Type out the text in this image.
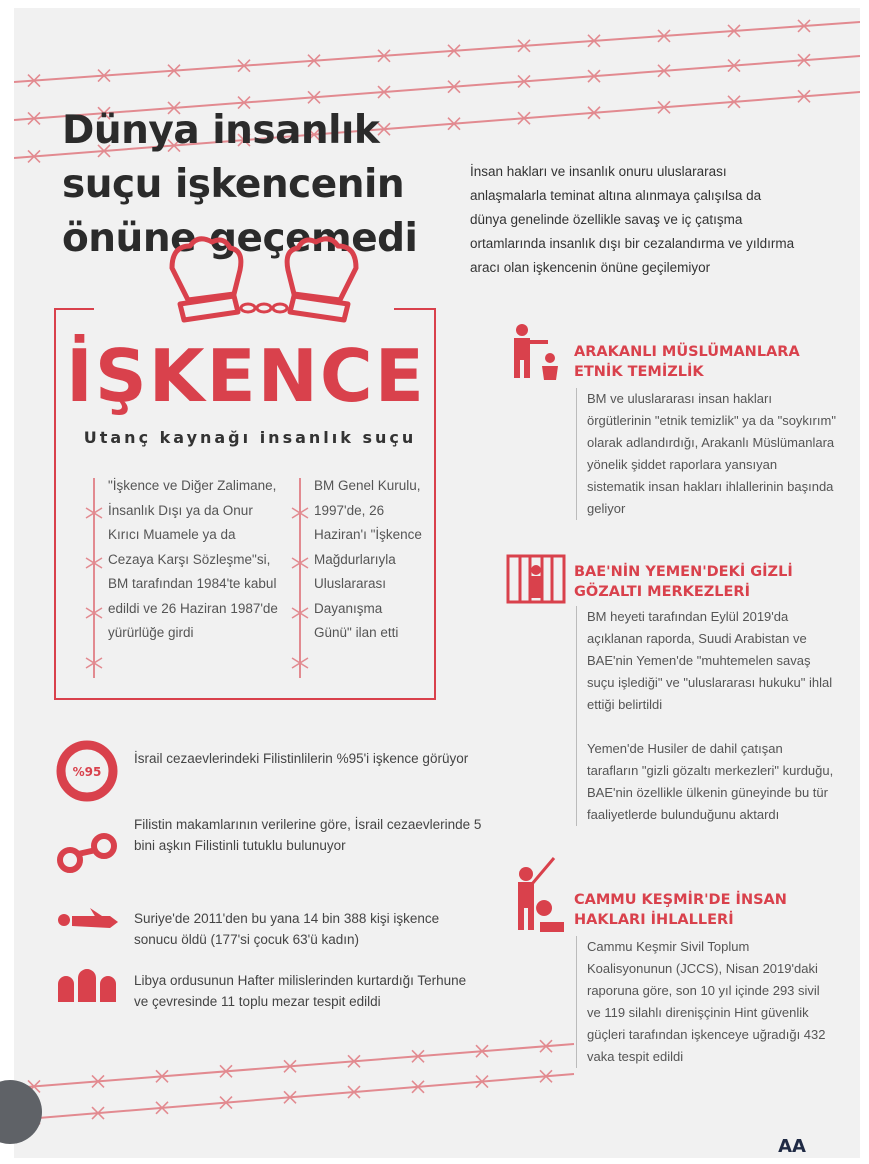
Dünya insanlık suçu işkencenin
önüne geçemedi
İnsan hakları ve insanlık onuru uluslararası anlaşmalarla teminat altına alınmaya çalışılsa da dünya genelinde özellikle savaş ve iç çatışma ortamlarında insanlık dışı bir cezalandırma ve yıldırma aracı olan işkencenin önüne geçilemiyor
İŞKENCE
Utanç kaynağı insanlık suçu
"İşkence ve Diğer Zalimane, İnsanlık Dışı ya da Onur Kırıcı Muamele ya da Cezaya Karşı Sözleşme"si, BM tarafından 1984'te kabul edildi ve 26 Haziran 1987'de yürürlüğe girdi
BM Genel Kurulu, 1997'de, 26 Haziran'ı "İşkence Mağdurlarıyla Uluslararası Dayanışma Günü" ilan etti
%95
İsrail cezaevlerindeki Filistinlilerin %95'i işkence görüyor
Filistin makamlarının verilerine göre, İsrail cezaevlerinde 5 bini aşkın Filistinli tutuklu bulunuyor
Suriye'de 2011'den bu yana 14 bin 388 kişi işkence sonucu öldü (177'si çocuk 63'ü kadın)
Libya ordusunun Hafter milislerinden kurtardığı Terhune ve çevresinde 11 toplu mezar tespit edildi
ARAKANLI MÜSLÜMANLARA ETNİK TEMİZLİK
BM ve uluslararası insan hakları örgütlerinin "etnik temizlik" ya da "soykırım" olarak adlandırdığı, Arakanlı Müslümanlara yönelik şiddet raporlara yansıyan sistematik insan hakları ihlallerinin başında geliyor
BAE'NİN YEMEN'DEKİ GİZLİ GÖZALTI MERKEZLERİ
BM heyeti tarafından Eylül 2019'da açıklanan raporda, Suudi Arabistan ve BAE'nin Yemen'de "muhtemelen savaş suçu işlediği" ve "uluslararası hukuku" ihlal ettiği belirtildi
Yemen'de Husiler de dahil çatışan tarafların "gizli gözaltı merkezleri" kurduğu, BAE'nin özellikle ülkenin güneyinde bu tür faaliyetlerde bulunduğunu aktardı
CAMMU KEŞMİR'DE İNSAN HAKLARI İHLALLERİ
Cammu Keşmir Sivil Toplum Koalisyonunun (JCCS), Nisan 2019'daki raporuna göre, son 10 yıl içinde 293 sivil ve 119 silahlı direnişçinin Hint güvenlik güçleri tarafından işkenceye uğradığı 432 vaka tespit edildi
AA
